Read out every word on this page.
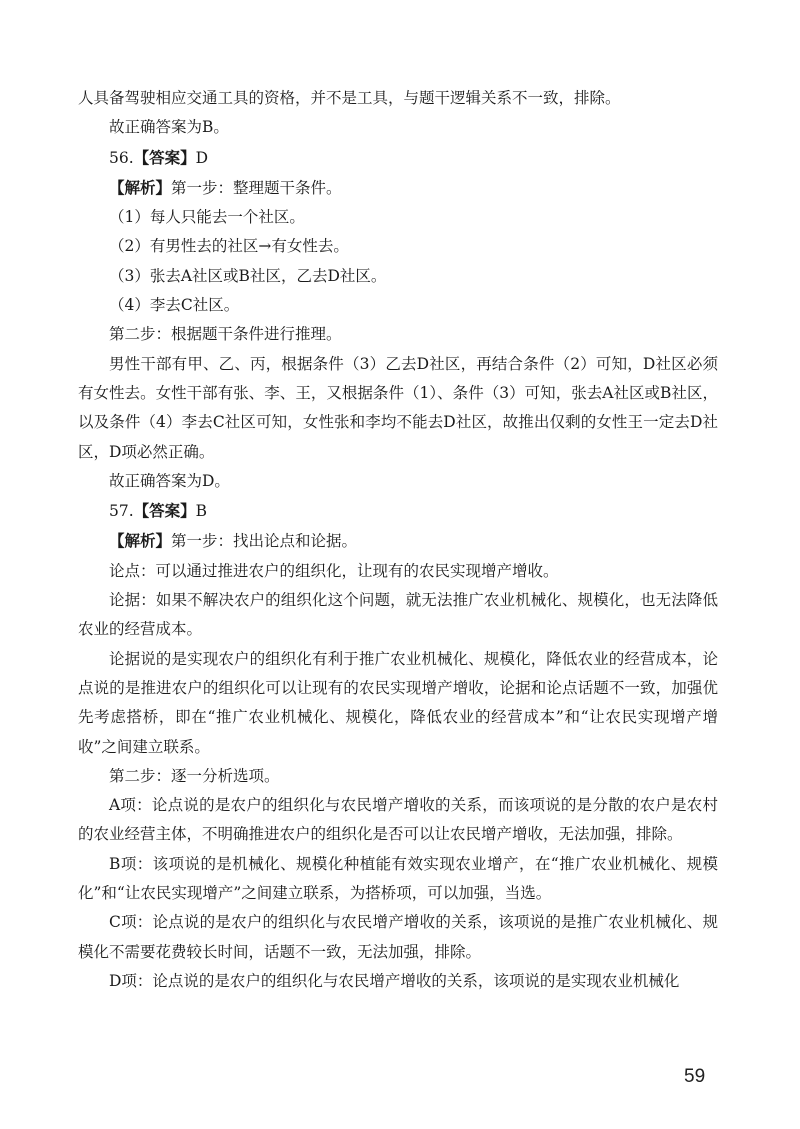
人具备驾驶相应交通工具的资格，并不是工具，与题干逻辑关系不一致，排除。

故正确答案为B。

56.【答案】D

【解析】第一步：整理题干条件。

（1）每人只能去一个社区。

（2）有男性去的社区→有女性去。

（3）张去A社区或B社区，乙去D社区。

（4）李去C社区。

第二步：根据题干条件进行推理。

男性干部有甲、乙、丙，根据条件（3）乙去D社区，再结合条件（2）可知，D社区必须有女性去。女性干部有张、李、王，又根据条件（1）、条件（3）可知，张去A社区或B社区，以及条件（4）李去C社区可知，女性张和李均不能去D社区，故推出仅剩的女性王一定去D社区，D项必然正确。

故正确答案为D。

57.【答案】B

【解析】第一步：找出论点和论据。

论点：可以通过推进农户的组织化，让现有的农民实现增产增收。

论据：如果不解决农户的组织化这个问题，就无法推广农业机械化、规模化，也无法降低农业的经营成本。

论据说的是实现农户的组织化有利于推广农业机械化、规模化，降低农业的经营成本，论点说的是推进农户的组织化可以让现有的农民实现增产增收，论据和论点话题不一致，加强优先考虑搭桥，即在“推广农业机械化、规模化，降低农业的经营成本”和“让农民实现增产增收”之间建立联系。

第二步：逐一分析选项。

A项：论点说的是农户的组织化与农民增产增收的关系，而该项说的是分散的农户是农村的农业经营主体，不明确推进农户的组织化是否可以让农民增产增收，无法加强，排除。

B项：该项说的是机械化、规模化种植能有效实现农业增产，在“推广农业机械化、规模化”和“让农民实现增产”之间建立联系，为搭桥项，可以加强，当选。

C项：论点说的是农户的组织化与农民增产增收的关系，该项说的是推广农业机械化、规模化不需要花费较长时间，话题不一致，无法加强，排除。

D项：论点说的是农户的组织化与农民增产增收的关系，该项说的是实现农业机械化

59
